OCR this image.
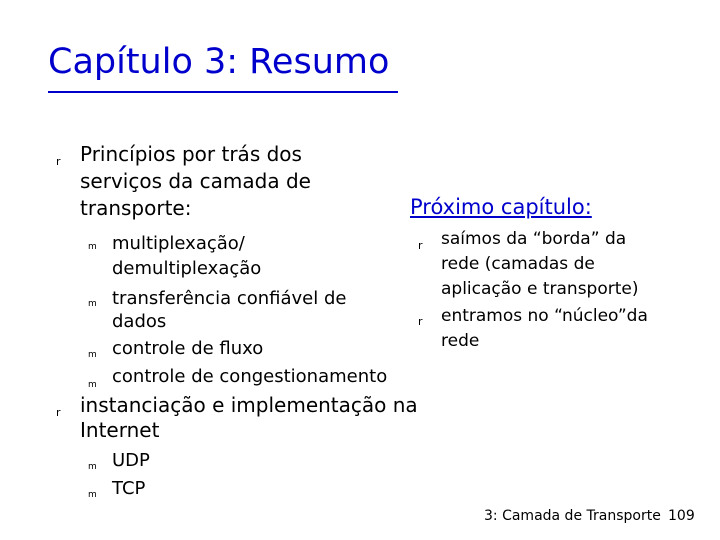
Capítulo 3: Resumo
r Princípios por trás dos
serviços da camada de
transporte:
m multiplexação/
demultiplexação
m transferência confiável de
dados
m controle de fluxo
m controle de congestionamento
r instanciação e implementação na
Internet
m UDP
m TCP
Próximo capítulo:
r saímos da “borda” da
rede (camadas de
aplicação e transporte)
r entramos no “núcleo”da
rede
3: Camada de Transporte 109
